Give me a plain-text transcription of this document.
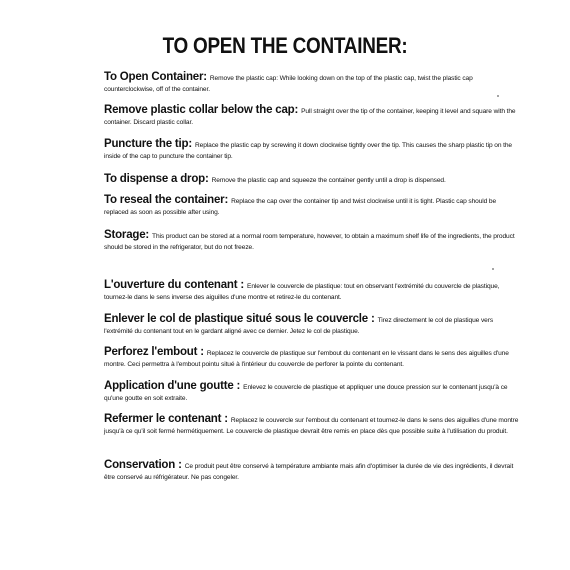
TO OPEN THE CONTAINER:
To Open Container: Remove the plastic cap: While looking down on the top of the plastic cap, twist the plastic cap counterclockwise, off of the container.
Remove plastic collar below the cap: Pull straight over the tip of the container, keeping it level and square with the container. Discard plastic collar.
Puncture the tip: Replace the plastic cap by screwing it down clockwise tightly over the tip. This causes the sharp plastic tip on the inside of the cap to puncture the container tip.
To dispense a drop: Remove the plastic cap and squeeze the container gently until a drop is dispensed.
To reseal the container: Replace the cap over the container tip and twist clockwise until it is tight. Plastic cap should be replaced as soon as possible after using.
Storage: This product can be stored at a normal room temperature, however, to obtain a maximum shelf life of the ingredients, the product should be stored in the refrigerator, but do not freeze.
L'ouverture du contenant : Enlever le couvercle de plastique: tout en observant l'extrémité du couvercle de plastique, tournez-le dans le sens inverse des aiguilles d'une montre et retirez-le du contenant.
Enlever le col de plastique situé sous le couvercle : Tirez directement le col de plastique vers l'extrémité du contenant tout en le gardant aligné avec ce dernier. Jetez le col de plastique.
Perforez l'embout : Replacez le couvercle de plastique sur l'embout du contenant en le vissant dans le sens des aiguilles d'une montre. Ceci permettra à l'embout pointu situé à l'intérieur du couvercle de perforer la pointe du contenant.
Application d'une goutte : Enlevez le couvercle de plastique et appliquer une douce pression sur le contenant jusqu'à ce qu'une goutte en soit extraite.
Refermer le contenant : Replacez le couvercle sur l'embout du contenant et tournez-le dans le sens des aiguilles d'une montre jusqu'à ce qu'il soit fermé hermétiquement. Le couvercle de plastique devrait être remis en place dès que possible suite à l'utilisation du produit.
Conservation : Ce produit peut être conservé à température ambiante mais afin d'optimiser la durée de vie des ingrédients, il devrait être conservé au réfrigérateur. Ne pas congeler.
